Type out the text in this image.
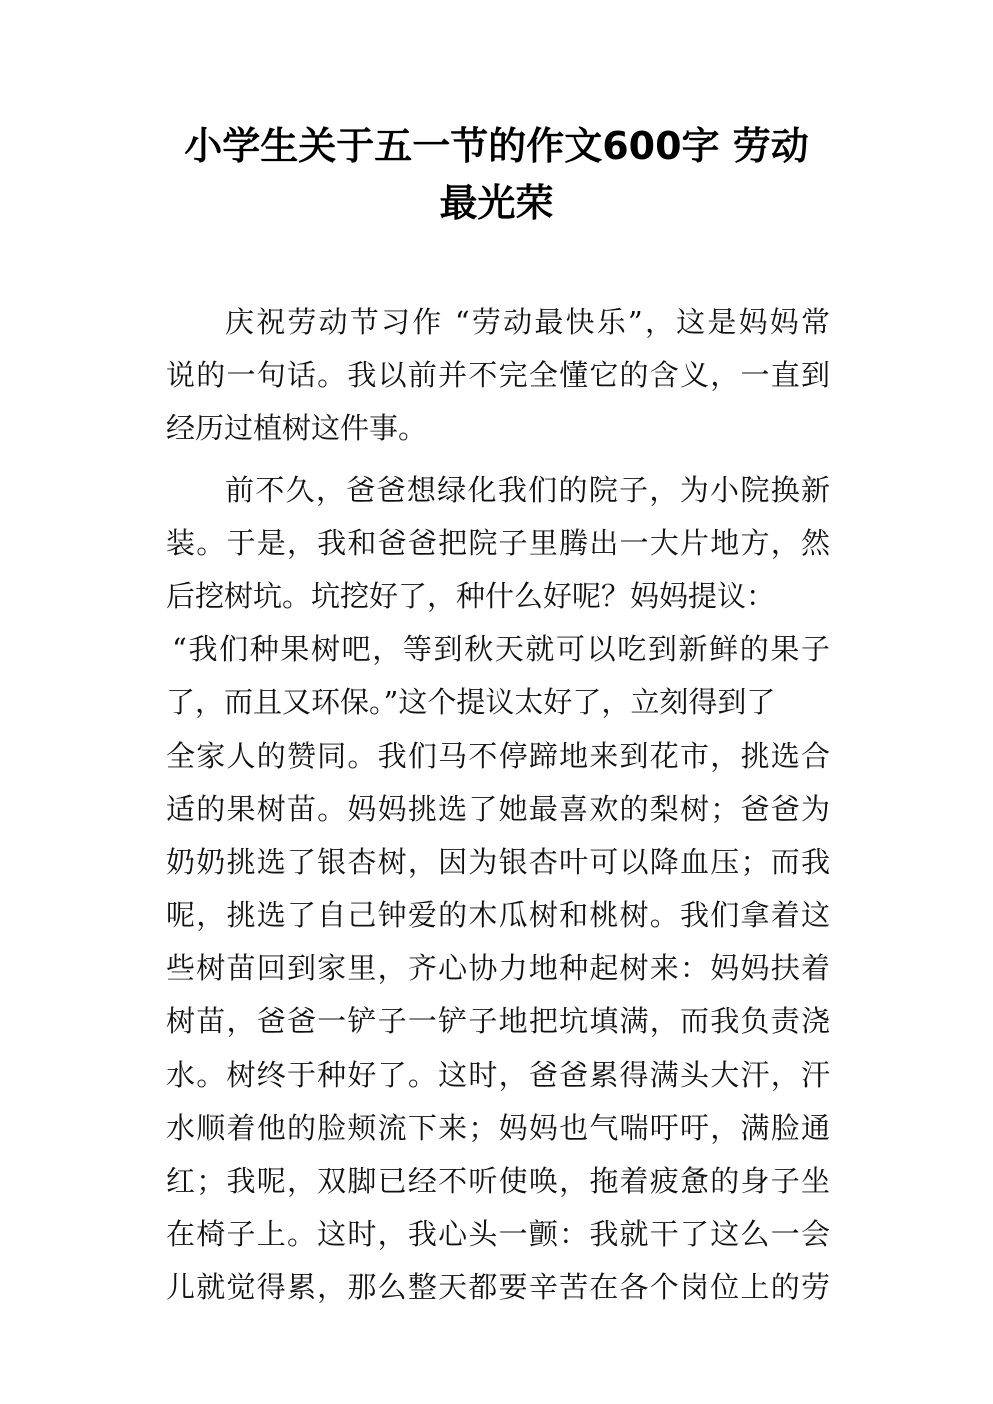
小学生关于五一节的作文600字 劳动
最光荣
庆祝劳动节习作 “劳动最快乐”，这是妈妈常
说的一句话。我以前并不完全懂它的含义，一直到
经历过植树这件事。
前不久，爸爸想绿化我们的院子，为小院换新
装。于是，我和爸爸把院子里腾出一大片地方，然
后挖树坑。坑挖好了，种什么好呢？妈妈提议：
“我们种果树吧，等到秋天就可以吃到新鲜的果子
了，而且又环保。”这个提议太好了，立刻得到了
全家人的赞同。我们马不停蹄地来到花市，挑选合
适的果树苗。妈妈挑选了她最喜欢的梨树；爸爸为
奶奶挑选了银杏树，因为银杏叶可以降血压；而我
呢，挑选了自己钟爱的木瓜树和桃树。我们拿着这
些树苗回到家里，齐心协力地种起树来：妈妈扶着
树苗，爸爸一铲子一铲子地把坑填满，而我负责浇
水。树终于种好了。这时，爸爸累得满头大汗，汗
水顺着他的脸颊流下来；妈妈也气喘吁吁，满脸通
红；我呢，双脚已经不听使唤，拖着疲惫的身子坐
在椅子上。这时，我心头一颤：我就干了这么一会
儿就觉得累，那么整天都要辛苦在各个岗位上的劳
